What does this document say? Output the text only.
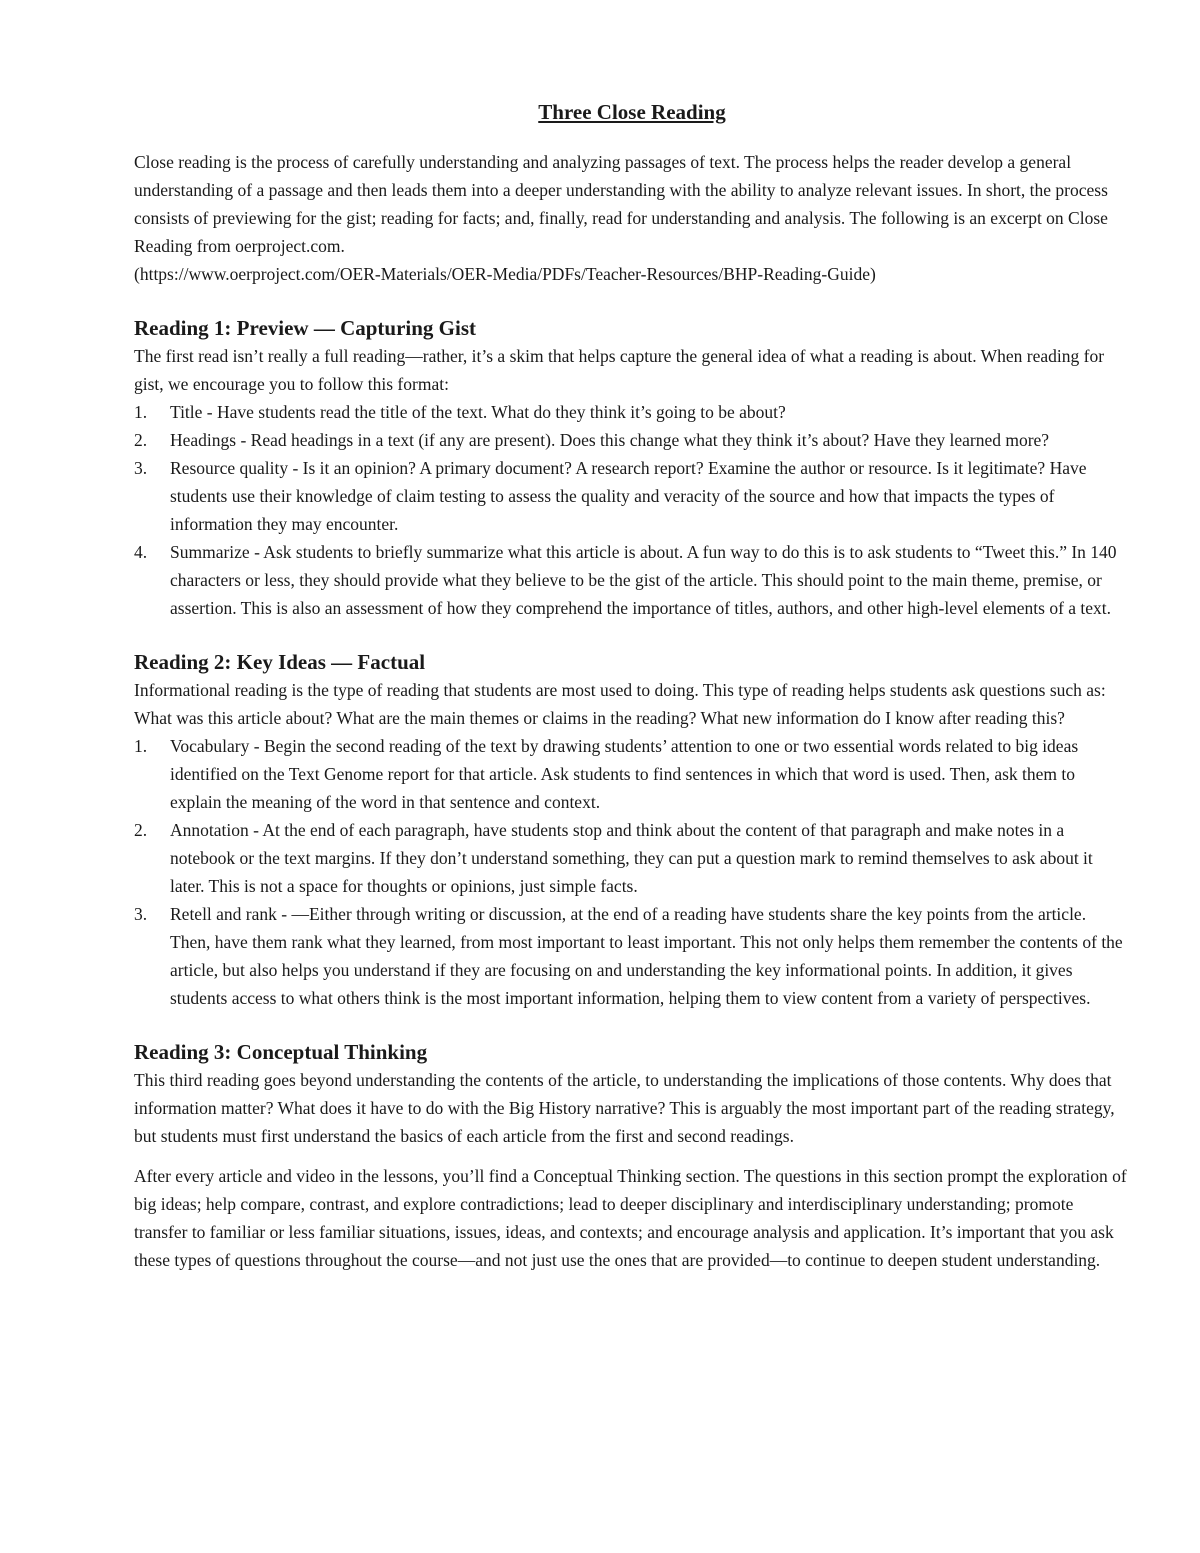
Three Close Reading

Close reading is the process of carefully understanding and analyzing passages of text. The process helps the reader develop a general understanding of a passage and then leads them into a deeper understanding with the ability to analyze relevant issues. In short, the process consists of previewing for the gist; reading for facts; and, finally, read for understanding and analysis. The following is an excerpt on Close Reading from oerproject.com.

(https://www.oerproject.com/OER-Materials/OER-Media/PDFs/Teacher-Resources/BHP-Reading-Guide)

Reading 1: Preview — Capturing Gist

The first read isn’t really a full reading—rather, it’s a skim that helps capture the general idea of what a reading is about. When reading for gist, we encourage you to follow this format:

1. Title - Have students read the title of the text. What do they think it’s going to be about?
2. Headings - Read headings in a text (if any are present). Does this change what they think it’s about? Have they learned more?
3. Resource quality - Is it an opinion? A primary document? A research report? Examine the author or resource. Is it legitimate? Have students use their knowledge of claim testing to assess the quality and veracity of the source and how that impacts the types of information they may encounter.
4. Summarize - Ask students to briefly summarize what this article is about. A fun way to do this is to ask students to “Tweet this.” In 140 characters or less, they should provide what they believe to be the gist of the article. This should point to the main theme, premise, or assertion. This is also an assessment of how they comprehend the importance of titles, authors, and other high-level elements of a text.
Reading 2: Key Ideas — Factual

Informational reading is the type of reading that students are most used to doing. This type of reading helps students ask questions such as: What was this article about? What are the main themes or claims in the reading? What new information do I know after reading this?

1. Vocabulary - Begin the second reading of the text by drawing students’ attention to one or two essential words related to big ideas identified on the Text Genome report for that article. Ask students to find sentences in which that word is used. Then, ask them to explain the meaning of the word in that sentence and context.
2. Annotation - At the end of each paragraph, have students stop and think about the content of that paragraph and make notes in a notebook or the text margins. If they don’t understand something, they can put a question mark to remind themselves to ask about it later. This is not a space for thoughts or opinions, just simple facts.
3. Retell and rank - —Either through writing or discussion, at the end of a reading have students share the key points from the article. Then, have them rank what they learned, from most important to least important. This not only helps them remember the contents of the article, but also helps you understand if they are focusing on and understanding the key informational points. In addition, it gives students access to what others think is the most important information, helping them to view content from a variety of perspectives.
Reading 3: Conceptual Thinking

This third reading goes beyond understanding the contents of the article, to understanding the implications of those contents. Why does that information matter? What does it have to do with the Big History narrative? This is arguably the most important part of the reading strategy, but students must first understand the basics of each article from the first and second readings.

After every article and video in the lessons, you’ll find a Conceptual Thinking section. The questions in this section prompt the exploration of big ideas; help compare, contrast, and explore contradictions; lead to deeper disciplinary and interdisciplinary understanding; promote transfer to familiar or less familiar situations, issues, ideas, and contexts; and encourage analysis and application. It’s important that you ask these types of questions throughout the course—and not just use the ones that are provided—to continue to deepen student understanding.
